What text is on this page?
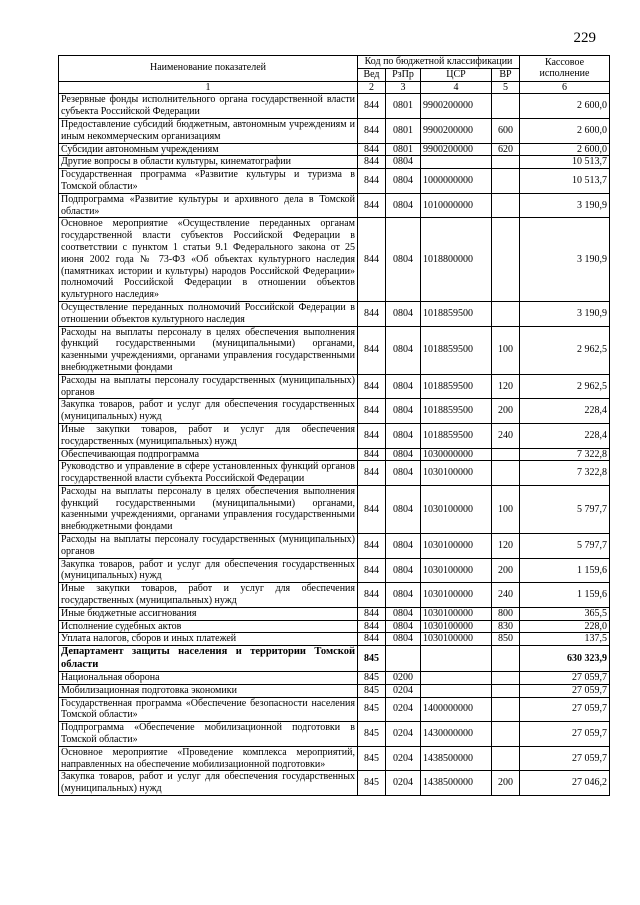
229
Наименование показателей	Код по бюджетной классификации				Кассовое исполнение
	Вед	РзПр	ЦСР	ВР	
1	2	3	4	5	6
Резервные фонды исполнительного органа государственной власти субъекта Российской Федерации	844	0801	9900200000		2 600,0
Предоставление субсидий бюджетным, автономным учреждениям и иным некоммерческим организациям	844	0801	9900200000	600	2 600,0
Субсидии автономным учреждениям	844	0801	9900200000	620	2 600,0
Другие вопросы в области культуры, кинематографии	844	0804			10 513,7
Государственная программа «Развитие культуры и туризма в Томской области»	844	0804	1000000000		10 513,7
Подпрограмма «Развитие культуры и архивного дела в Томской области»	844	0804	1010000000		3 190,9
Основное мероприятие «Осуществление переданных органам государственной власти субъектов Российской Федерации в соответствии с пунктом 1 статьи 9.1 Федерального закона от 25 июня 2002 года № 73-ФЗ «Об объектах культурного наследия (памятниках истории и культуры) народов Российской Федерации» полномочий Российской Федерации в отношении объектов культурного наследия»	844	0804	1018800000		3 190,9
Осуществление переданных полномочий Российской Федерации в отношении объектов культурного наследия	844	0804	1018859500		3 190,9
Расходы на выплаты персоналу в целях обеспечения выполнения функций государственными (муниципальными) органами, казенными учреждениями, органами управления государственными внебюджетными фондами	844	0804	1018859500	100	2 962,5
Расходы на выплаты персоналу государственных (муниципальных) органов	844	0804	1018859500	120	2 962,5
Закупка товаров, работ и услуг для обеспечения государственных (муниципальных) нужд	844	0804	1018859500	200	228,4
Иные закупки товаров, работ и услуг для обеспечения государственных (муниципальных) нужд	844	0804	1018859500	240	228,4
Обеспечивающая подпрограмма	844	0804	1030000000		7 322,8
Руководство и управление в сфере установленных функций органов государственной власти субъекта Российской Федерации	844	0804	1030100000		7 322,8
Расходы на выплаты персоналу в целях обеспечения выполнения функций государственными (муниципальными) органами, казенными учреждениями, органами управления государственными внебюджетными фондами	844	0804	1030100000	100	5 797,7
Расходы на выплаты персоналу государственных (муниципальных) органов	844	0804	1030100000	120	5 797,7
Закупка товаров, работ и услуг для обеспечения государственных (муниципальных) нужд	844	0804	1030100000	200	1 159,6
Иные закупки товаров, работ и услуг для обеспечения государственных (муниципальных) нужд	844	0804	1030100000	240	1 159,6
Иные бюджетные ассигнования	844	0804	1030100000	800	365,5
Исполнение судебных актов	844	0804	1030100000	830	228,0
Уплата налогов, сборов и иных платежей	844	0804	1030100000	850	137,5
Департамент защиты населения и территории Томской области	845				630 323,9
Национальная оборона	845	0200			27 059,7
Мобилизационная подготовка экономики	845	0204			27 059,7
Государственная программа «Обеспечение безопасности населения Томской области»	845	0204	1400000000		27 059,7
Подпрограмма «Обеспечение мобилизационной подготовки в Томской области»	845	0204	1430000000		27 059,7
Основное мероприятие «Проведение комплекса мероприятий, направленных на обеспечение мобилизационной подготовки»	845	0204	1438500000		27 059,7
Закупка товаров, работ и услуг для обеспечения государственных (муниципальных) нужд	845	0204	1438500000	200	27 046,2
